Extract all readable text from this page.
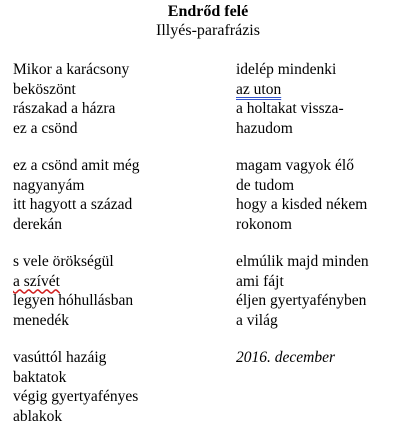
Endrőd felé
Illyés-parafrázis
Mikor a karácsony
beköszönt
rászakad a házra
ez a csönd
ez a csönd amit még
nagyanyám
itt hagyott a század
derekán
s vele örökségül
a szívét
legyen hóhullásban
menedék
vasúttól hazáig
baktatok
végig gyertyafényes
ablakok
idelép mindenki
az uton
a holtakat vissza-
hazudom
magam vagyok élő
de tudom
hogy a kisded nékem
rokonom
elmúlik majd minden
ami fájt
éljen gyertyafényben
a világ
2016. december
